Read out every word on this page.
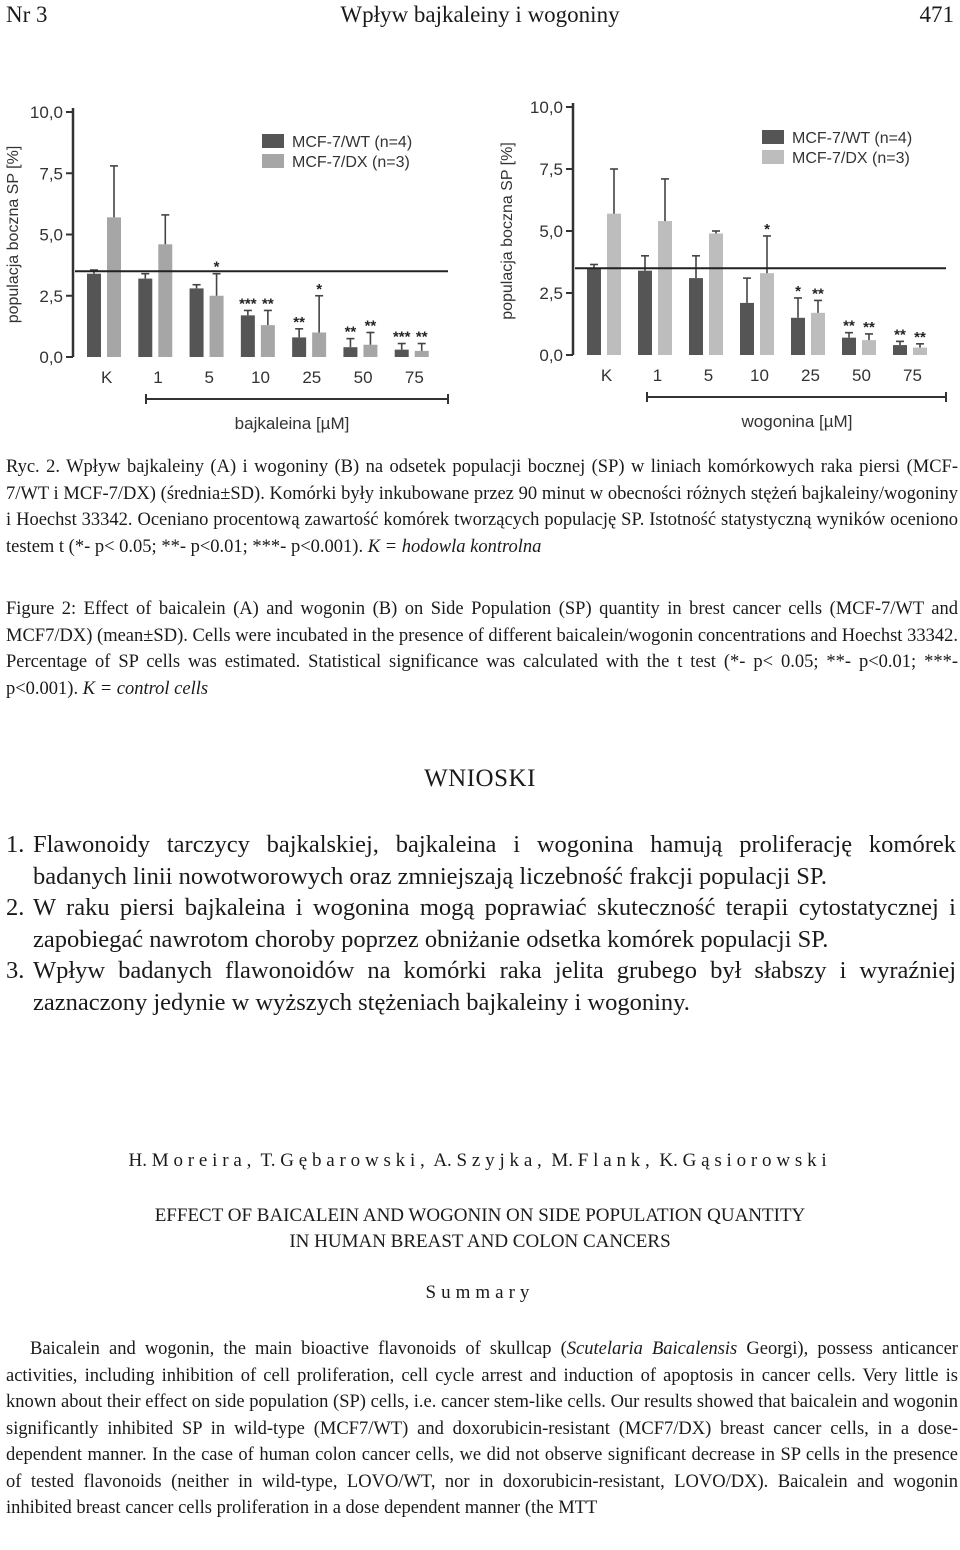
Nr 3	Wpływ bajkaleiny i wogoniny	471
0,0
2,5
5,0
7,5
10,0
populacja boczna SP [%]
K 1
*
5
*** **
10
**
*
25
** **
50
*** **
75
bajkaleina [µM]
MCF-7/WT (n=4)
MCF-7/DX (n=3)
0,0
2,5
5,0
7,5
10,0
populacja boczna SP [%]
K 1 5
*
10
* **
25
** **
50
** **
75
wogonina [µM]
MCF-7/WT (n=4)
MCF-7/DX (n=3)

Ryc. 2. Wpływ bajkaleiny (A) i wogoniny (B) na odsetek populacji bocznej (SP) w liniach komórkowych raka piersi (MCF-7/WT i MCF-7/DX) (średnia±SD). Komórki były inkubowane przez 90 minut w obecności różnych stężeń bajkaleiny/wogoniny i Hoechst 33342. Oceniano procentową zawartość komórek tworzących populację SP. Istotność statystyczną wyników oceniono testem t (*- p< 0.05; **- p<0.01; ***- p<0.001). K = hodowla kontrolna

Figure 2: Effect of baicalein (A) and wogonin (B) on Side Population (SP) quantity in brest cancer cells (MCF-7/WT and MCF7/DX) (mean±SD). Cells were incubated in the presence of different baicalein/wogonin concentrations and Hoechst 33342. Percentage of SP cells was estimated. Statistical significance was calculated with the t test (*- p< 0.05; **- p<0.01; ***- p<0.001). K = control cells

WNIOSKI

1. Flawonoidy tarczycy bajkalskiej, bajkaleina i wogonina hamują proliferację komórek badanych linii nowotworowych oraz zmniejszają liczebność frakcji populacji SP.

2. W raku piersi bajkaleina i wogonina mogą poprawiać skuteczność terapii cytostatycznej i zapobiegać nawrotom choroby poprzez obniżanie odsetka komórek populacji SP.

3. Wpływ badanych flawonoidów na komórki raka jelita grubego był słabszy i wyraźniej zaznaczony jedynie w wyższych stężeniach bajkaleiny i wogoniny.

H. Moreira, T. Gębarowski, A. Szyjka, M. Flank, K. Gąsiorowski
EFFECT OF BAICALEIN AND WOGONIN ON SIDE POPULATION QUANTITY
IN HUMAN BREAST AND COLON CANCERS
Summary

Baicalein and wogonin, the main bioactive flavonoids of skullcap (Scutelaria Baicalensis Georgi), possess anticancer activities, including inhibition of cell proliferation, cell cycle arrest and induction of apoptosis in cancer cells. Very little is known about their effect on side population (SP) cells, i.e. cancer stem-like cells. Our results showed that baicalein and wogonin significantly inhibited SP in wild-type (MCF7/WT) and doxorubicin-resistant (MCF7/DX) breast cancer cells, in a dose-dependent manner. In the case of human colon cancer cells, we did not observe significant decrease in SP cells in the presence of tested flavonoids (neither in wild-type, LOVO/WT, nor in doxorubicin-resistant, LOVO/DX). Baicalein and wogonin inhibited breast cancer cells proliferation in a dose dependent manner (the MTT
